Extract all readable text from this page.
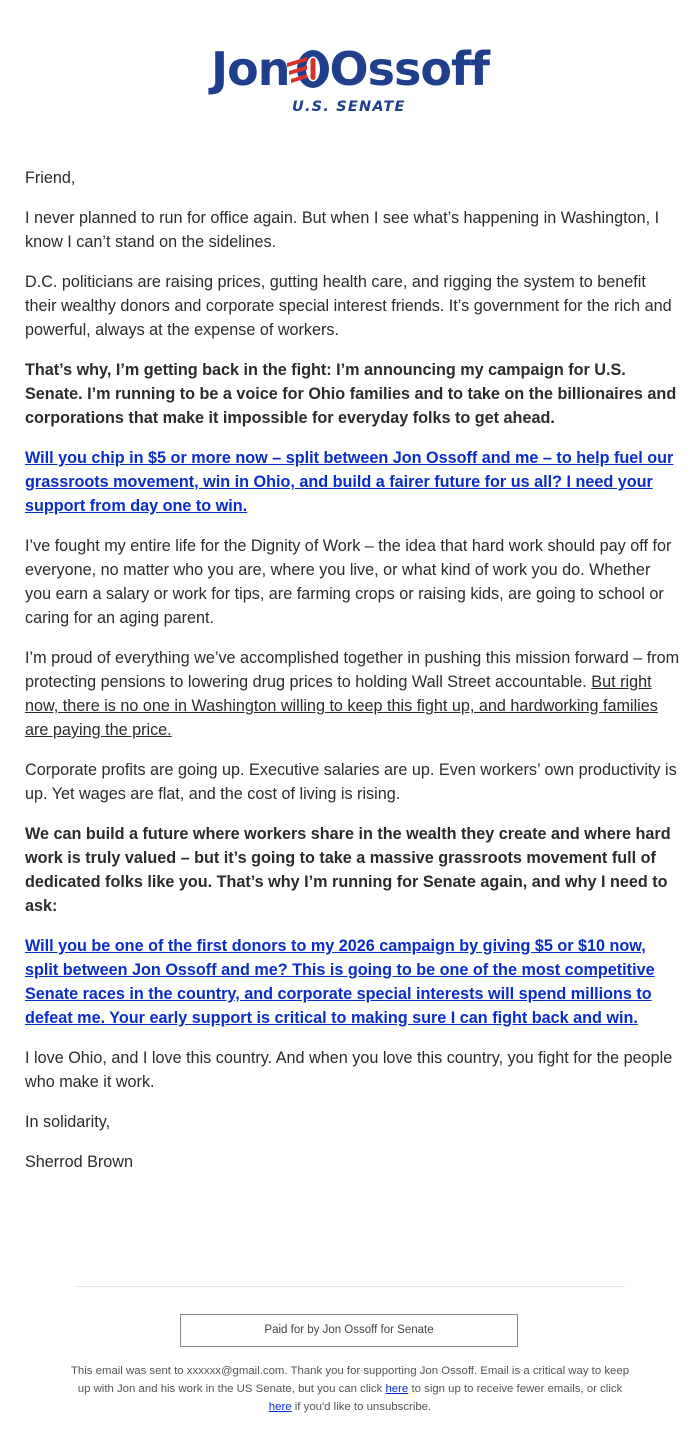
Jon Ossoff
U.S. SENATE

Friend,

I never planned to run for office again. But when I see what’s happening in Washington, I know I can’t stand on the sidelines.

D.C. politicians are raising prices, gutting health care, and rigging the system to benefit their wealthy donors and corporate special interest friends. It’s government for the rich and powerful, always at the expense of workers.

That’s why, I’m getting back in the fight: I’m announcing my campaign for U.S. Senate. I’m running to be a voice for Ohio families and to take on the billionaires and corporations that make it impossible for everyday folks to get ahead.

Will you chip in $5 or more now – split between Jon Ossoff and me – to help fuel our grassroots movement, win in Ohio, and build a fairer future for us all? I need your support from day one to win.

I’ve fought my entire life for the Dignity of Work – the idea that hard work should pay off for everyone, no matter who you are, where you live, or what kind of work you do. Whether you earn a salary or work for tips, are farming crops or raising kids, are going to school or caring for an aging parent.

I’m proud of everything we’ve accomplished together in pushing this mission forward – from protecting pensions to lowering drug prices to holding Wall Street accountable. But right now, there is no one in Washington willing to keep this fight up, and hardworking families are paying the price.

Corporate profits are going up. Executive salaries are up. Even workers’ own productivity is up. Yet wages are flat, and the cost of living is rising.

We can build a future where workers share in the wealth they create and where hard work is truly valued – but it’s going to take a massive grassroots movement full of dedicated folks like you. That’s why I’m running for Senate again, and why I need to ask:

Will you be one of the first donors to my 2026 campaign by giving $5 or $10 now, split between Jon Ossoff and me? This is going to be one of the most competitive Senate races in the country, and corporate special interests will spend millions to defeat me. Your early support is critical to making sure I can fight back and win.

I love Ohio, and I love this country. And when you love this country, you fight for the people who make it work.

In solidarity,

Sherrod Brown

Paid for by Jon Ossoff for Senate
This email was sent to xxxxxx@gmail.com. Thank you for supporting Jon Ossoff. Email is a critical way to keep up with Jon and his work in the US Senate, but you can click here to sign up to receive fewer emails, or click here if you'd like to unsubscribe.
